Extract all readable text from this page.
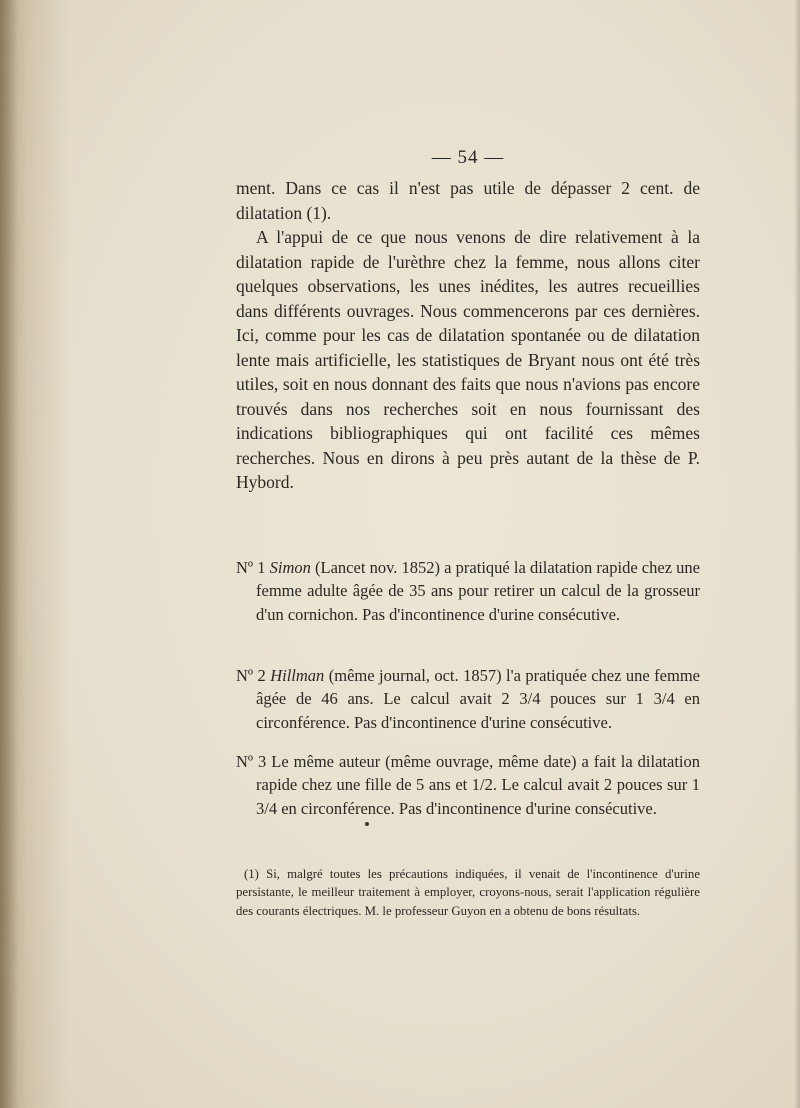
— 54 —

ment. Dans ce cas il n'est pas utile de dépasser 2 cent. de dilatation (1).

A l'appui de ce que nous venons de dire relativement à la dilatation rapide de l'urèthre chez la femme, nous allons citer quelques observations, les unes inédites, les autres recueillies dans différents ouvrages. Nous commencerons par ces dernières. Ici, comme pour les cas de dilatation spontanée ou de dilatation lente mais artificielle, les statistiques de Bryant nous ont été très utiles, soit en nous donnant des faits que nous n'avions pas encore trouvés dans nos recherches soit en nous fournissant des indications bibliographiques qui ont facilité ces mêmes recherches. Nous en dirons à peu près autant de la thèse de P. Hybord.

Nº 1 Simon (Lancet nov. 1852) a pratiqué la dilatation rapide chez une femme adulte âgée de 35 ans pour retirer un calcul de la grosseur d'un cornichon. Pas d'incontinence d'urine consécutive.

Nº 2 Hillman (même journal, oct. 1857) l'a pratiquée chez une femme âgée de 46 ans. Le calcul avait 2 3/4 pouces sur 1 3/4 en circonférence. Pas d'incontinence d'urine consécutive.

Nº 3 Le même auteur (même ouvrage, même date) a fait la dilatation rapide chez une fille de 5 ans et 1/2. Le calcul avait 2 pouces sur 1 3/4 en circonférence. Pas d'incontinence d'urine consécutive.

(1) Si, malgré toutes les précautions indiquées, il venait de l'incontinence d'urine persistante, le meilleur traitement à employer, croyons-nous, serait l'application régulière des courants électriques. M. le professeur Guyon en a obtenu de bons résultats.
